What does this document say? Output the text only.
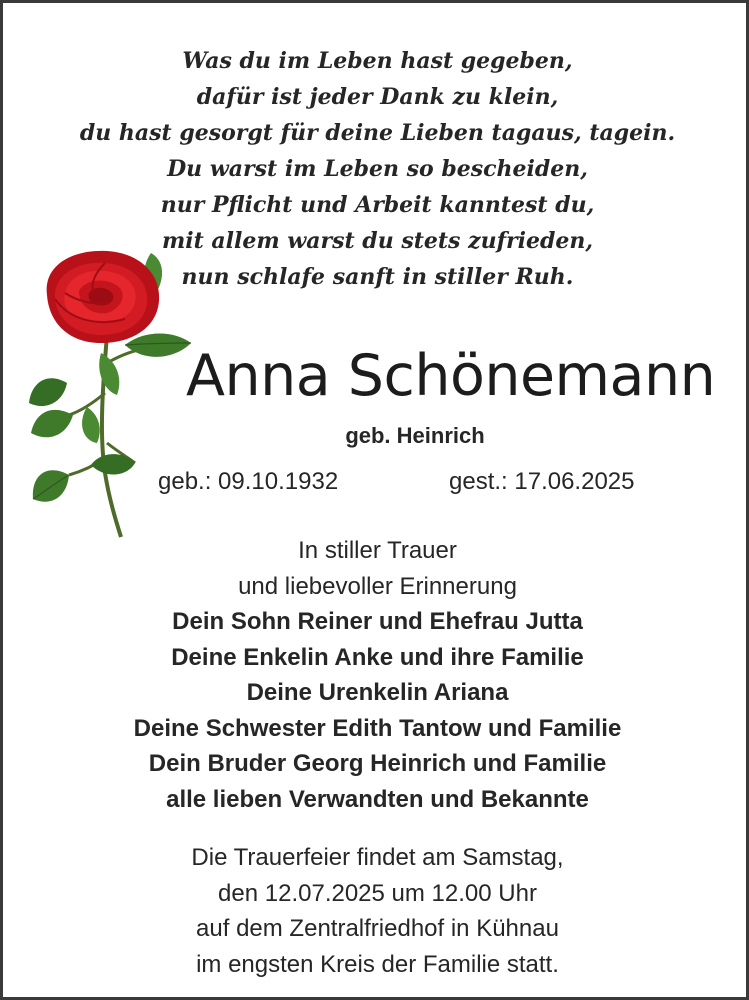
Was du im Leben hast gegeben,
dafür ist jeder Dank zu klein,
du hast gesorgt für deine Lieben tagaus, tagein.
Du warst im Leben so bescheiden,
nur Pflicht und Arbeit kanntest du,
mit allem warst du stets zufrieden,
nun schlafe sanft in stiller Ruh.
Anna Schönemann
geb. Heinrich
geb.: 09.10.1932	gest.: 17.06.2025
In stiller Trauer
und liebevoller Erinnerung
Dein Sohn Reiner und Ehefrau Jutta
Deine Enkelin Anke und ihre Familie
Deine Urenkelin Ariana
Deine Schwester Edith Tantow und Familie
Dein Bruder Georg Heinrich und Familie
alle lieben Verwandten und Bekannte
Die Trauerfeier findet am Samstag,
den 12.07.2025 um 12.00 Uhr
auf dem Zentralfriedhof in Kühnau
im engsten Kreis der Familie statt.
